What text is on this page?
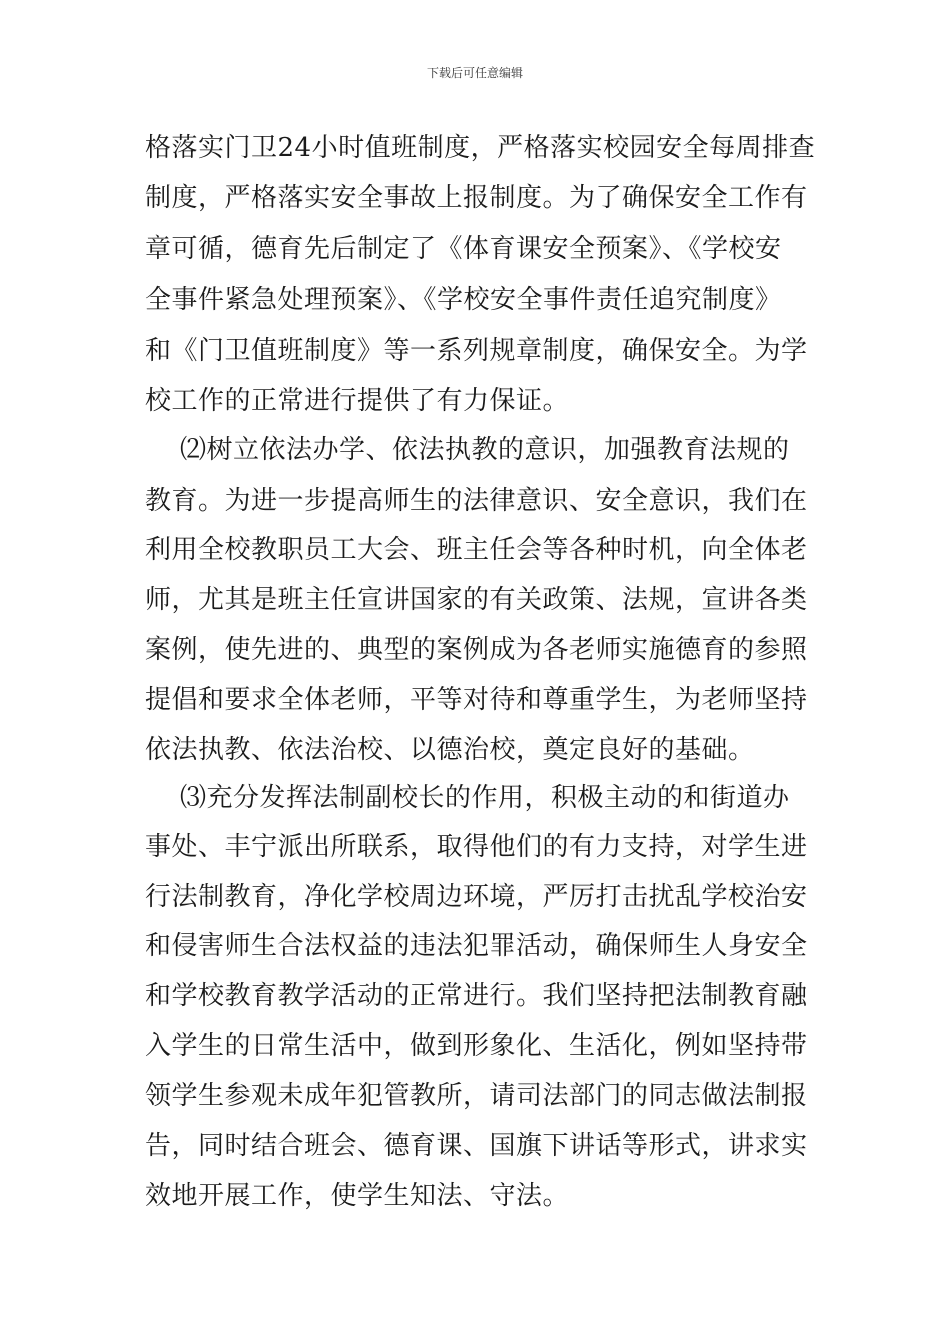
下载后可任意编辑
格落实门卫24小时值班制度，严格落实校园安全每周排查
制度，严格落实安全事故上报制度。为了确保安全工作有
章可循，德育先后制定了《体育课安全预案》、《学校安
全事件紧急处理预案》、《学校安全事件责任追究制度》
和《门卫值班制度》等一系列规章制度，确保安全。为学
校工作的正常进行提供了有力保证。
⑵树立依法办学、依法执教的意识，加强教育法规的
教育。为进一步提高师生的法律意识、安全意识，我们在
利用全校教职员工大会、班主任会等各种时机，向全体老
师，尤其是班主任宣讲国家的有关政策、法规，宣讲各类
案例，使先进的、典型的案例成为各老师实施德育的参照
提倡和要求全体老师，平等对待和尊重学生，为老师坚持
依法执教、依法治校、以德治校，奠定良好的基础。
⑶充分发挥法制副校长的作用，积极主动的和街道办
事处、丰宁派出所联系，取得他们的有力支持，对学生进
行法制教育，净化学校周边环境，严厉打击扰乱学校治安
和侵害师生合法权益的违法犯罪活动，确保师生人身安全
和学校教育教学活动的正常进行。我们坚持把法制教育融
入学生的日常生活中，做到形象化、生活化，例如坚持带
领学生参观未成年犯管教所，请司法部门的同志做法制报
告，同时结合班会、德育课、国旗下讲话等形式，讲求实
效地开展工作，使学生知法、守法。
